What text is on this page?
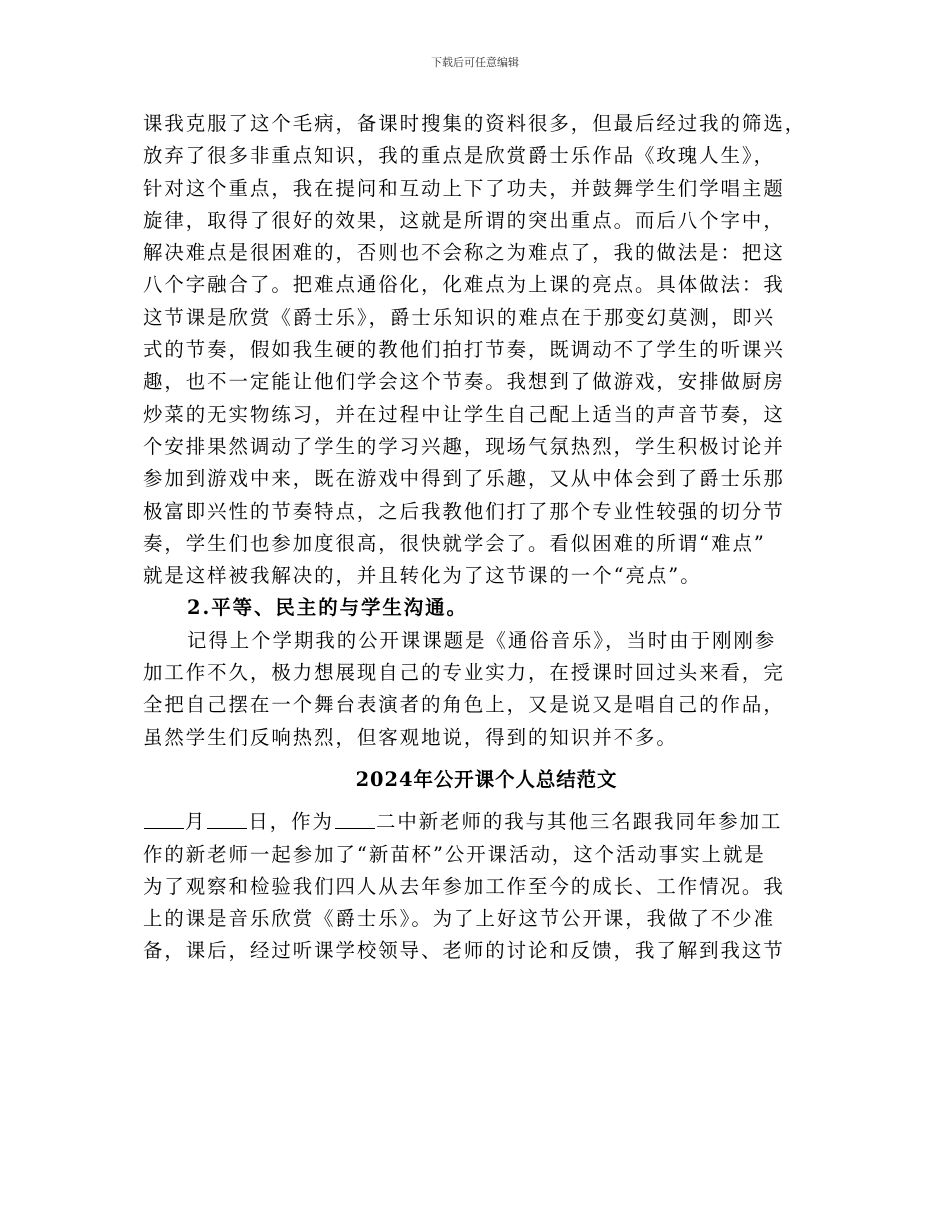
下载后可任意编辑
课我克服了这个毛病，备课时搜集的资料很多，但最后经过我的筛选，
放弃了很多非重点知识，我的重点是欣赏爵士乐作品《玫瑰人生》，
针对这个重点，我在提问和互动上下了功夫，并鼓舞学生们学唱主题
旋律，取得了很好的效果，这就是所谓的突出重点。而后八个字中，
解决难点是很困难的，否则也不会称之为难点了，我的做法是：把这
八个字融合了。把难点通俗化，化难点为上课的亮点。具体做法：我
这节课是欣赏《爵士乐》，爵士乐知识的难点在于那变幻莫测，即兴
式的节奏，假如我生硬的教他们拍打节奏，既调动不了学生的听课兴
趣，也不一定能让他们学会这个节奏。我想到了做游戏，安排做厨房
炒菜的无实物练习，并在过程中让学生自己配上适当的声音节奏，这
个安排果然调动了学生的学习兴趣，现场气氛热烈，学生积极讨论并
参加到游戏中来，既在游戏中得到了乐趣，又从中体会到了爵士乐那
极富即兴性的节奏特点，之后我教他们打了那个专业性较强的切分节
奏，学生们也参加度很高，很快就学会了。看似困难的所谓“难点”
就是这样被我解决的，并且转化为了这节课的一个“亮点”。
2.平等、民主的与学生沟通。
记得上个学期我的公开课课题是《通俗音乐》，当时由于刚刚参
加工作不久，极力想展现自己的专业实力，在授课时回过头来看，完
全把自己摆在一个舞台表演者的角色上，又是说又是唱自己的作品，
虽然学生们反响热烈，但客观地说，得到的知识并不多。
2024年公开课个人总结范文
月 日，作为 二中新老师的我与其他三名跟我同年参加工
作的新老师一起参加了“新苗杯”公开课活动，这个活动事实上就是
为了观察和检验我们四人从去年参加工作至今的成长、工作情况。我
上的课是音乐欣赏《爵士乐》。为了上好这节公开课，我做了不少准
备，课后，经过听课学校领导、老师的讨论和反馈，我了解到我这节
